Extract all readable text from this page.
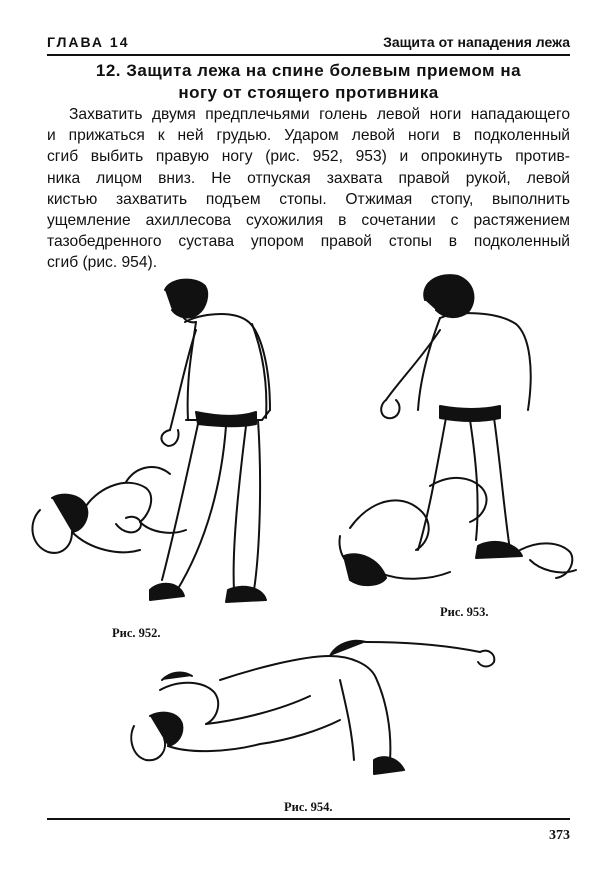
ГЛАВА 14	Защита от нападения лежа
12. Защита лежа на спине болевым приемом на
ногу от стоящего противника
Захватить двумя предплечьями голень левой ноги нападающего
и прижаться к ней грудью. Ударом левой ноги в подколенный
сгиб выбить правую ногу (рис. 952, 953) и опрокинуть против-
ника лицом вниз. Не отпуская захвата правой рукой, левой
кистью захватить подъем стопы. Отжимая стопу, выполнить
ущемление ахиллесова сухожилия в сочетании с растяжением
тазобедренного сустава упором правой стопы в подколенный
сгиб (рис. 954).
Рис. 952.
Рис. 953.
Рис. 954.
373
